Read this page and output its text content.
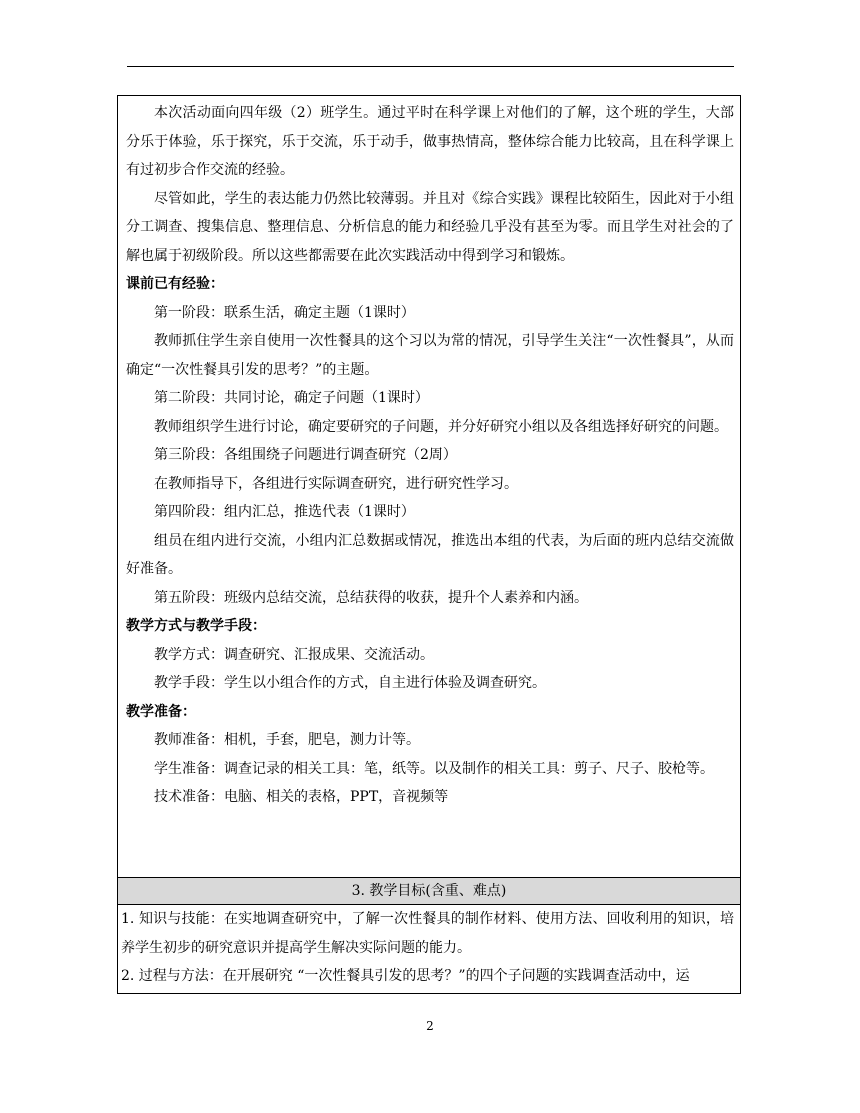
本次活动面向四年级（2）班学生。通过平时在科学课上对他们的了解，这个班的学生，大部分乐于体验，乐于探究，乐于交流，乐于动手，做事热情高，整体综合能力比较高，且在科学课上有过初步合作交流的经验。

尽管如此，学生的表达能力仍然比较薄弱。并且对《综合实践》课程比较陌生，因此对于小组分工调查、搜集信息、整理信息、分析信息的能力和经验几乎没有甚至为零。而且学生对社会的了解也属于初级阶段。所以这些都需要在此次实践活动中得到学习和锻炼。

课前已有经验：

第一阶段：联系生活，确定主题（1课时）

教师抓住学生亲自使用一次性餐具的这个习以为常的情况，引导学生关注“一次性餐具”，从而确定“一次性餐具引发的思考？”的主题。

第二阶段：共同讨论，确定子问题（1课时）

教师组织学生进行讨论，确定要研究的子问题，并分好研究小组以及各组选择好研究的问题。

第三阶段：各组围绕子问题进行调查研究（2周）

在教师指导下，各组进行实际调查研究，进行研究性学习。

第四阶段：组内汇总，推选代表（1课时）

组员在组内进行交流，小组内汇总数据或情况，推选出本组的代表，为后面的班内总结交流做好准备。

第五阶段：班级内总结交流，总结获得的收获，提升个人素养和内涵。

教学方式与教学手段：

教学方式：调查研究、汇报成果、交流活动。

教学手段：学生以小组合作的方式，自主进行体验及调查研究。

教学准备：

教师准备：相机，手套，肥皂，测力计等。

学生准备：调查记录的相关工具：笔，纸等。以及制作的相关工具：剪子、尺子、胶枪等。

技术准备：电脑、相关的表格，PPT，音视频等

3. 教学目标(含重、难点)

1. 知识与技能：在实地调查研究中，了解一次性餐具的制作材料、使用方法、回收利用的知识，培养学生初步的研究意识并提高学生解决实际问题的能力。

2. 过程与方法：在开展研究 “一次性餐具引发的思考？”的四个子问题的实践调查活动中，运

2
